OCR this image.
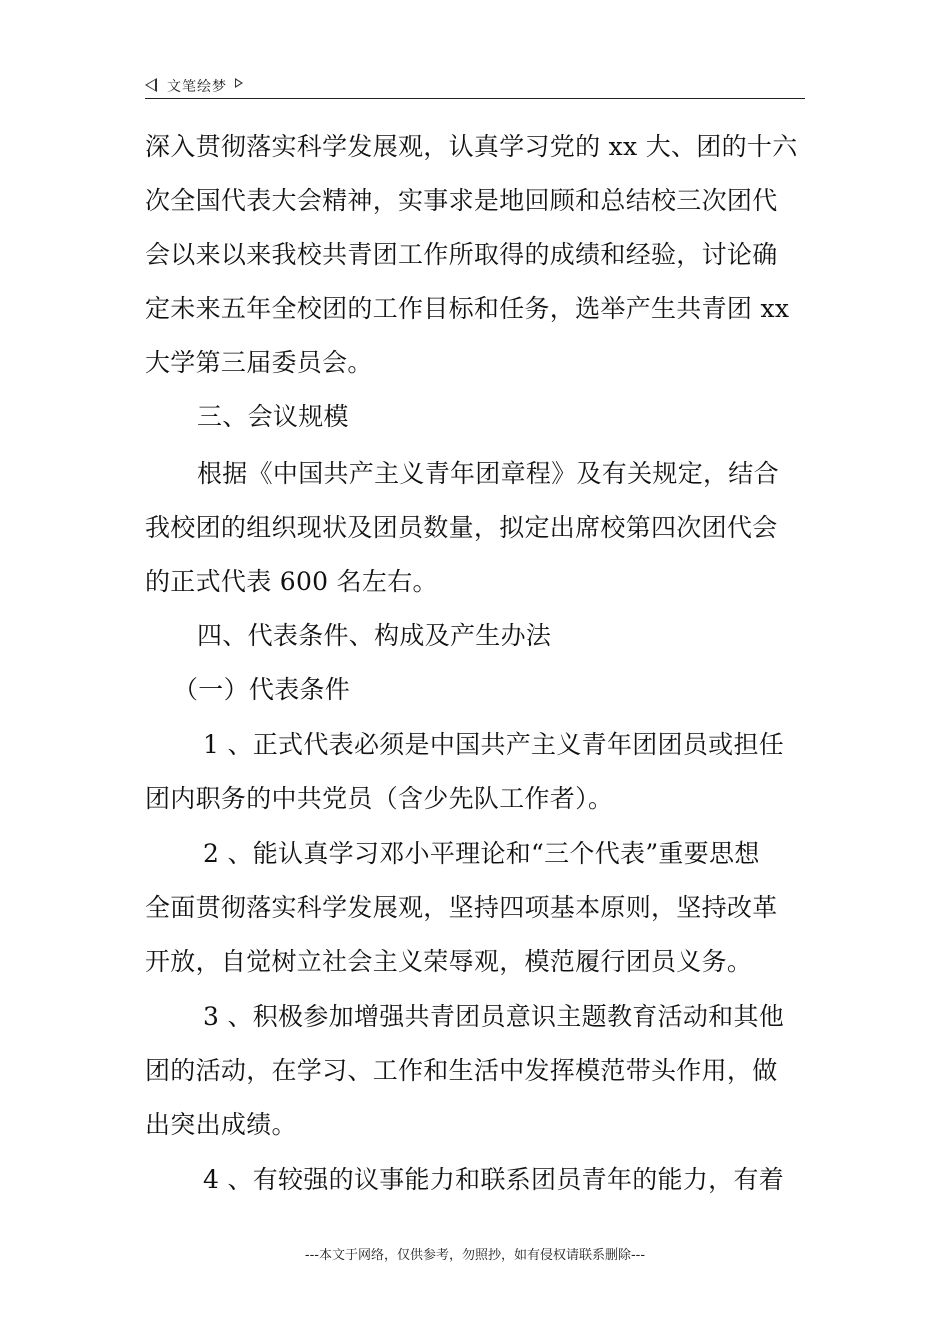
文笔绘梦
深入贯彻落实科学发展观，认真学习党的 xx 大、团的十六
次全国代表大会精神，实事求是地回顾和总结校三次团代
会以来以来我校共青团工作所取得的成绩和经验，讨论确
定未来五年全校团的工作目标和任务，选举产生共青团 xx
大学第三届委员会。
三、会议规模
根据《中国共产主义青年团章程》及有关规定，结合
我校团的组织现状及团员数量，拟定出席校第四次团代会
的正式代表 600 名左右。
四、代表条件、构成及产生办法
（一）代表条件
1 、正式代表必须是中国共产主义青年团团员或担任
团内职务的中共党员（含少先队工作者）。
2 、能认真学习邓小平理论和“三个代表”重要思想
全面贯彻落实科学发展观，坚持四项基本原则，坚持改革
开放，自觉树立社会主义荣辱观，模范履行团员义务。
3 、积极参加增强共青团员意识主题教育活动和其他
团的活动，在学习、工作和生活中发挥模范带头作用，做
出突出成绩。
4 、有较强的议事能力和联系团员青年的能力，有着
---本文于网络，仅供参考，勿照抄，如有侵权请联系删除---
